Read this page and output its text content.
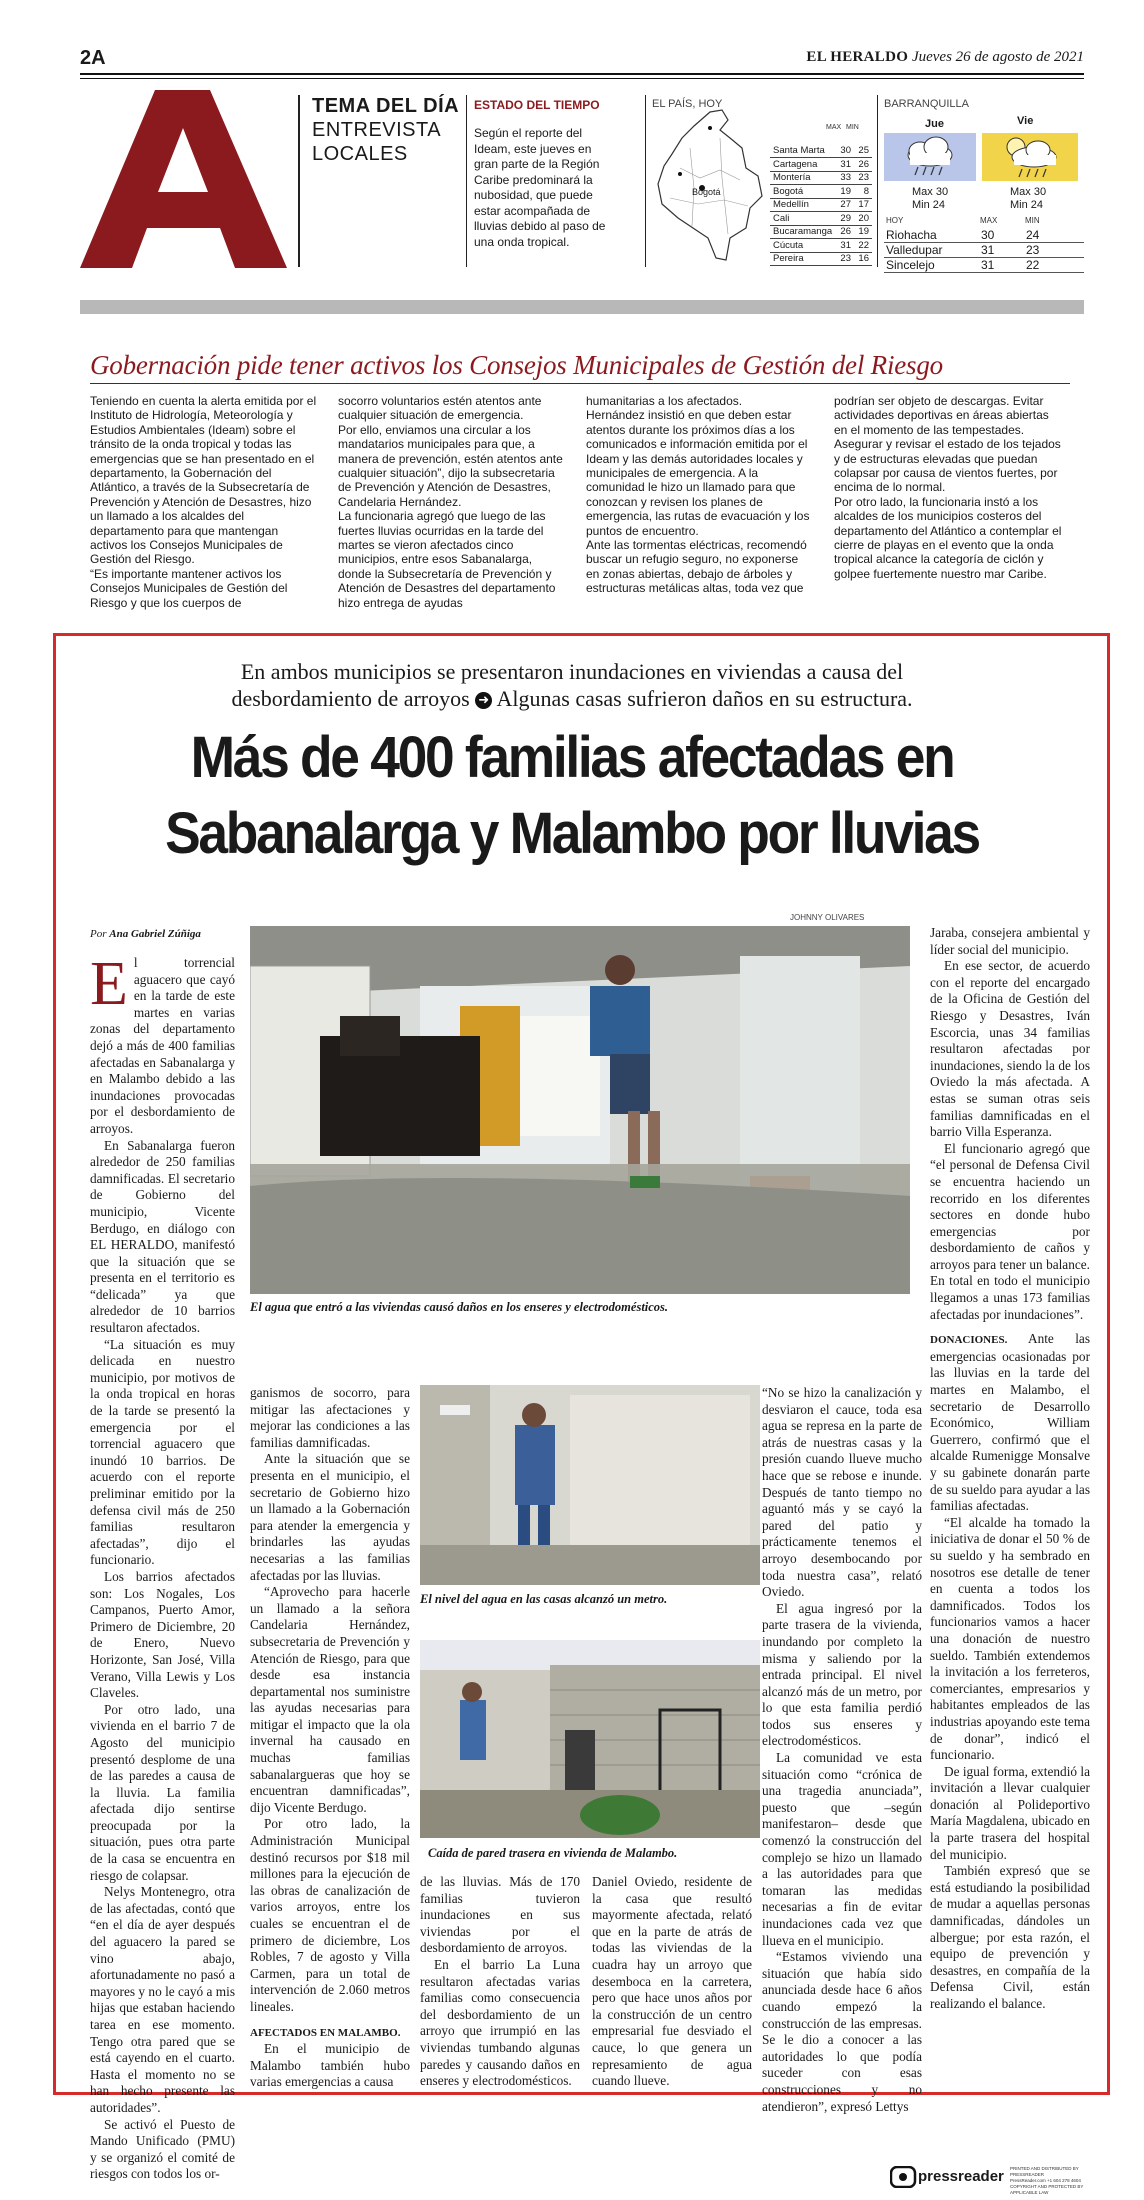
2A	EL HERALDO Jueves 26 de agosto de 2021
TEMA DEL DÍA
ENTREVISTA
LOCALES
ESTADO DEL TIEMPO
Según el reporte del Ideam, este jueves en gran parte de la Región Caribe predominará la nubosidad, que puede estar acompañada de lluvias debido al paso de una onda tropical.
EL PAÍS, HOY
Bogotá
MAX MIN
Santa Marta	30	25
Cartagena	31	26
Montería	33	23
Bogotá	19	8
Medellín	27	17
Cali	29	20
Bucaramanga	26	19
Cúcuta	31	22
Pereira	23	16
BARRANQUILLA
Jue	Vie
Max 30
Min 24
Max 30
Min 24
HOY	MAX	MIN
Riohacha	30	24
Valledupar	31	23
Sincelejo	31	22
Gobernación pide tener activos los Consejos Municipales de Gestión del Riesgo
Teniendo en cuenta la alerta emitida por el Instituto de Hidrología, Meteorología y Estudios Ambientales (Ideam) sobre el tránsito de la onda tropical y todas las emergencias que se han presentado en el departamento, la Gobernación del Atlántico, a través de la Subsecretaría de Prevención y Atención de Desastres, hizo un llamado a los alcaldes del departamento para que mantengan activos los Consejos Municipales de Gestión del Riesgo.
“Es importante mantener activos los Consejos Municipales de Gestión del Riesgo y que los cuerpos de
socorro voluntarios estén atentos ante cualquier situación de emergencia.
Por ello, enviamos una circular a los mandatarios municipales para que, a manera de prevención, estén atentos ante cualquier situación”, dijo la subsecretaria de Prevención y Atención de Desastres, Candelaria Hernández.
La funcionaria agregó que luego de las fuertes lluvias ocurridas en la tarde del martes se vieron afectados cinco municipios, entre esos Sabanalarga, donde la Subsecretaría de Prevención y Atención de Desastres del departamento hizo entrega de ayudas
humanitarias a los afectados.
Hernández insistió en que deben estar atentos durante los próximos días a los comunicados e información emitida por el Ideam y las demás autoridades locales y municipales de emergencia. A la comunidad le hizo un llamado para que conozcan y revisen los planes de emergencia, las rutas de evacuación y los puntos de encuentro.
Ante las tormentas eléctricas, recomendó buscar un refugio seguro, no exponerse en zonas abiertas, debajo de árboles y estructuras metálicas altas, toda vez que
podrían ser objeto de descargas. Evitar actividades deportivas en áreas abiertas en el momento de las tempestades. Asegurar y revisar el estado de los tejados y de estructuras elevadas que puedan colapsar por causa de vientos fuertes, por encima de lo normal.
Por otro lado, la funcionaria instó a los alcaldes de los municipios costeros del departamento del Atlántico a contemplar el cierre de playas en el evento que la onda tropical alcance la categoría de ciclón y golpee fuertemente nuestro mar Caribe.
En ambos municipios se presentaron inundaciones en viviendas a causa del
desbordamiento de arroyos ➜ Algunas casas sufrieron daños en su estructura.
Más de 400 familias afectadas en
Sabanalarga y Malambo por lluvias
Por Ana Gabriel Zúñiga
JOHNNY OLIVARES
El agua que entró a las viviendas causó daños en los enseres y electrodomésticos.

El torrencial aguacero que cayó en la tarde de este martes en varias zonas del departamento dejó a más de 400 familias afectadas en Sabanalarga y en Malambo debido a las inundaciones provocadas por el desbordamiento de arroyos.

En Sabanalarga fueron alrededor de 250 familias damnificadas. El secretario de Gobierno del municipio, Vicente Berdugo, en diálogo con EL HERALDO, manifestó que la situación que se presenta en el territorio es “delicada” ya que alrededor de 10 barrios resultaron afectados.

“La situación es muy delicada en nuestro municipio, por motivos de la onda tropical en horas de la tarde se presentó la emergencia por el torrencial aguacero que inundó 10 barrios. De acuerdo con el reporte preliminar emitido por la defensa civil más de 250 familias resultaron afectadas”, dijo el funcionario.

Los barrios afectados son: Los Nogales, Los Campanos, Puerto Amor, Primero de Diciembre, 20 de Enero, Nuevo Horizonte, San José, Villa Verano, Villa Lewis y Los Claveles.

Por otro lado, una vivienda en el barrio 7 de Agosto del municipio presentó desplome de una de las paredes a causa de la lluvia. La familia afectada dijo sentirse preocupada por la situación, pues otra parte de la casa se encuentra en riesgo de colapsar.

Nelys Montenegro, otra de las afectadas, contó que “en el día de ayer después del aguacero la pared se vino abajo, afortunadamente no pasó a mayores y no le cayó a mis hijas que estaban haciendo tarea en ese momento. Tengo otra pared que se está cayendo en el cuarto. Hasta el momento no se han hecho presente las autoridades”.

Se activó el Puesto de Mando Unificado (PMU) y se organizó el comité de riesgos con todos los or-

ganismos de socorro, para mitigar las afectaciones y mejorar las condiciones a las familias damnificadas.

Ante la situación que se presenta en el municipio, el secretario de Gobierno hizo un llamado a la Gobernación para atender la emergencia y brindarles las ayudas necesarias a las familias afectadas por las lluvias.

“Aprovecho para hacerle un llamado a la señora Candelaria Hernández, subsecretaria de Prevención y Atención de Riesgo, para que desde esa instancia departamental nos suministre las ayudas necesarias para mitigar el impacto que la ola invernal ha causado en muchas familias sabanalargueras que hoy se encuentran damnificadas”, dijo Vicente Berdugo.

Por otro lado, la Administración Municipal destinó recursos por $18 mil millones para la ejecución de las obras de canalización de varios arroyos, entre los cuales se encuentran el de primero de diciembre, Los Robles, 7 de agosto y Villa Carmen, para un total de intervención de 2.060 metros lineales.

AFECTADOS EN MALAMBO.

En el municipio de Malambo también hubo varias emergencias a causa

El nivel del agua en las casas alcanzó un metro.
Caída de pared trasera en vivienda de Malambo.

de las lluvias. Más de 170 familias tuvieron inundaciones en sus viviendas por el desbordamiento de arroyos.

En el barrio La Luna resultaron afectadas varias familias como consecuencia del desbordamiento de un arroyo que irrumpió en las viviendas tumbando algunas paredes y causando daños en enseres y electrodomésticos.

Daniel Oviedo, residente de la casa que resultó mayormente afectada, relató que en la parte de atrás de todas las viviendas de la cuadra hay un arroyo que desemboca en la carretera, pero que hace unos años por la construcción de un centro empresarial fue desviado el cauce, lo que genera un represamiento de agua cuando llueve.

“No se hizo la canalización y desviaron el cauce, toda esa agua se represa en la parte de atrás de nuestras casas y la presión cuando llueve mucho hace que se rebose e inunde. Después de tanto tiempo no aguantó más y se cayó la pared del patio y prácticamente tenemos el arroyo desembocando por toda nuestra casa”, relató Oviedo.

El agua ingresó por la parte trasera de la vivienda, inundando por completo la misma y saliendo por la entrada principal. El nivel alcanzó más de un metro, por lo que esta familia perdió todos sus enseres y electrodomésticos.

La comunidad ve esta situación como “crónica de una tragedia anunciada”, puesto que –según manifestaron– desde que comenzó la construcción del complejo se hizo un llamado a las autoridades para que tomaran las medidas necesarias a fin de evitar inundaciones cada vez que llueva en el municipio.

“Estamos viviendo una situación que había sido anunciada desde hace 6 años cuando empezó la construcción de las empresas. Se le dio a conocer a las autoridades lo que podía suceder con esas construcciones y no atendieron”, expresó Lettys

Jaraba, consejera ambiental y líder social del municipio.

En ese sector, de acuerdo con el reporte del encargado de la Oficina de Gestión del Riesgo y Desastres, Iván Escorcia, unas 34 familias resultaron afectadas por inundaciones, siendo la de los Oviedo la más afectada. A estas se suman otras seis familias damnificadas en el barrio Villa Esperanza.

El funcionario agregó que “el personal de Defensa Civil se encuentra haciendo un recorrido en los diferentes sectores en donde hubo emergencias por desbordamiento de caños y arroyos para tener un balance. En total en todo el municipio llegamos a unas 173 familias afectadas por inundaciones”.

DONACIONES. Ante las emergencias ocasionadas por las lluvias en la tarde del martes en Malambo, el secretario de Desarrollo Económico, William Guerrero, confirmó que el alcalde Rumenigge Monsalve y su gabinete donarán parte de su sueldo para ayudar a las familias afectadas.

“El alcalde ha tomado la iniciativa de donar el 50 % de su sueldo y ha sembrado en nosotros ese detalle de tener en cuenta a todos los damnificados. Todos los funcionarios vamos a hacer una donación de nuestro sueldo. También extendemos la invitación a los ferreteros, comerciantes, empresarios y habitantes empleados de las industrias apoyando este tema de donar”, indicó el funcionario.

De igual forma, extendió la invitación a llevar cualquier donación al Polideportivo María Magdalena, ubicado en la parte trasera del hospital del municipio.

También expresó que se está estudiando la posibilidad de mudar a aquellas personas damnificadas, dándoles un albergue; por esta razón, el equipo de prevención y desastres, en compañía de la Defensa Civil, están realizando el balance.

pressreader PRINTED AND DISTRIBUTED BY PRESSREADER
PressReader.com +1 604 278 4604
COPYRIGHT AND PROTECTED BY APPLICABLE LAW
